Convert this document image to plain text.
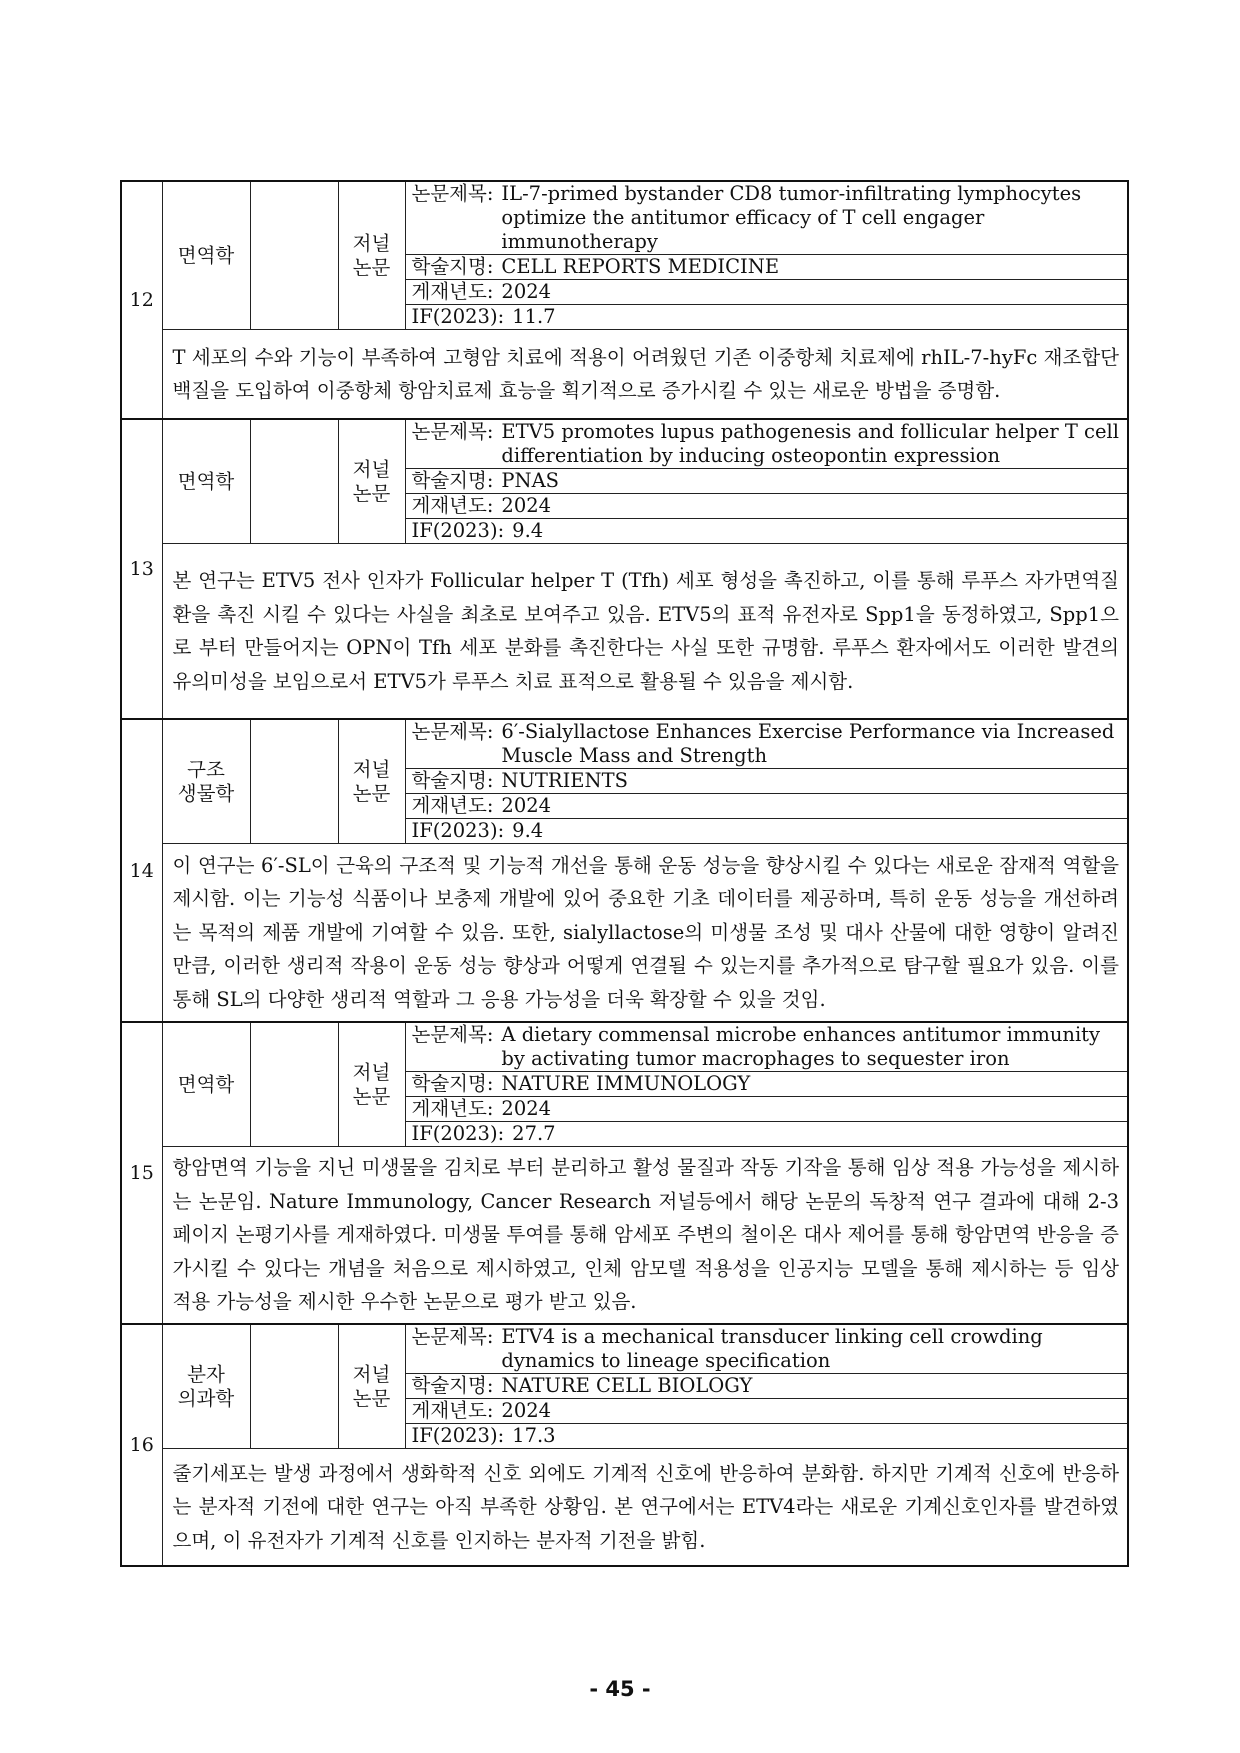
12	면역학		저널
논문	논문제목: IL-7-primed bystander CD8 tumor-infiltrating lymphocytes optimize the antitumor efficacy of T cell engager immunotherapy

				학술지명: CELL REPORTS MEDICINE

				게재년도: 2024

				IF(2023): 11.7

	T 세포의 수와 기능이 부족하여 고형암 치료에 적용이 어려웠던 기존 이중항체 치료제에 rhIL-7-hyFc 재조합단백질을 도입하여 이중항체 항암치료제 효능을 획기적으로 증가시킬 수 있는 새로운 방법을 증명함.			
13	면역학		저널
논문	논문제목: ETV5 promotes lupus pathogenesis and follicular helper T cell differentiation by inducing osteopontin expression

				학술지명: PNAS

				게재년도: 2024

				IF(2023): 9.4

	본 연구는 ETV5 전사 인자가 Follicular helper T (Tfh) 세포 형성을 촉진하고, 이를 통해 루푸스 자가면역질환을 촉진 시킬 수 있다는 사실을 최초로 보여주고 있음. ETV5의 표적 유전자로 Spp1을 동정하였고, Spp1으로 부터 만들어지는 OPN이 Tfh 세포 분화를 촉진한다는 사실 또한 규명함. 루푸스 환자에서도 이러한 발견의 유의미성을 보임으로서 ETV5가 루푸스 치료 표적으로 활용될 수 있음을 제시함.			
14	구조
생물학		저널
논문	논문제목: 6′-Sialyllactose Enhances Exercise Performance via Increased Muscle Mass and Strength

				학술지명: NUTRIENTS

				게재년도: 2024

				IF(2023): 9.4

	이 연구는 6′-SL이 근육의 구조적 및 기능적 개선을 통해 운동 성능을 향상시킬 수 있다는 새로운 잠재적 역할을 제시함. 이는 기능성 식품이나 보충제 개발에 있어 중요한 기초 데이터를 제공하며, 특히 운동 성능을 개선하려는 목적의 제품 개발에 기여할 수 있음. 또한, sialyllactose의 미생물 조성 및 대사 산물에 대한 영향이 알려진 만큼, 이러한 생리적 작용이 운동 성능 향상과 어떻게 연결될 수 있는지를 추가적으로 탐구할 필요가 있음. 이를 통해 SL의 다양한 생리적 역할과 그 응용 가능성을 더욱 확장할 수 있을 것임.			
15	면역학		저널
논문	논문제목: A dietary commensal microbe enhances antitumor immunity by activating tumor macrophages to sequester iron

				학술지명: NATURE IMMUNOLOGY

				게재년도: 2024

				IF(2023): 27.7

	항암면역 기능을 지닌 미생물을 김치로 부터 분리하고 활성 물질과 작동 기작을 통해 임상 적용 가능성을 제시하는 논문임. Nature Immunology, Cancer Research 저널등에서 해당 논문의 독창적 연구 결과에 대해 2-3페이지 논평기사를 게재하였다. 미생물 투여를 통해 암세포 주변의 철이온 대사 제어를 통해 항암면역 반응을 증가시킬 수 있다는 개념을 처음으로 제시하였고, 인체 암모델 적용성을 인공지능 모델을 통해 제시하는 등 임상 적용 가능성을 제시한 우수한 논문으로 평가 받고 있음.			
16	분자
의과학		저널
논문	논문제목: ETV4 is a mechanical transducer linking cell crowding dynamics to lineage specification

				학술지명: NATURE CELL BIOLOGY

				게재년도: 2024

				IF(2023): 17.3

	줄기세포는 발생 과정에서 생화학적 신호 외에도 기계적 신호에 반응하여 분화함. 하지만 기계적 신호에 반응하는 분자적 기전에 대한 연구는 아직 부족한 상황임. 본 연구에서는 ETV4라는 새로운 기계신호인자를 발견하였으며, 이 유전자가 기계적 신호를 인지하는 분자적 기전을 밝힘.			
- 45 -
